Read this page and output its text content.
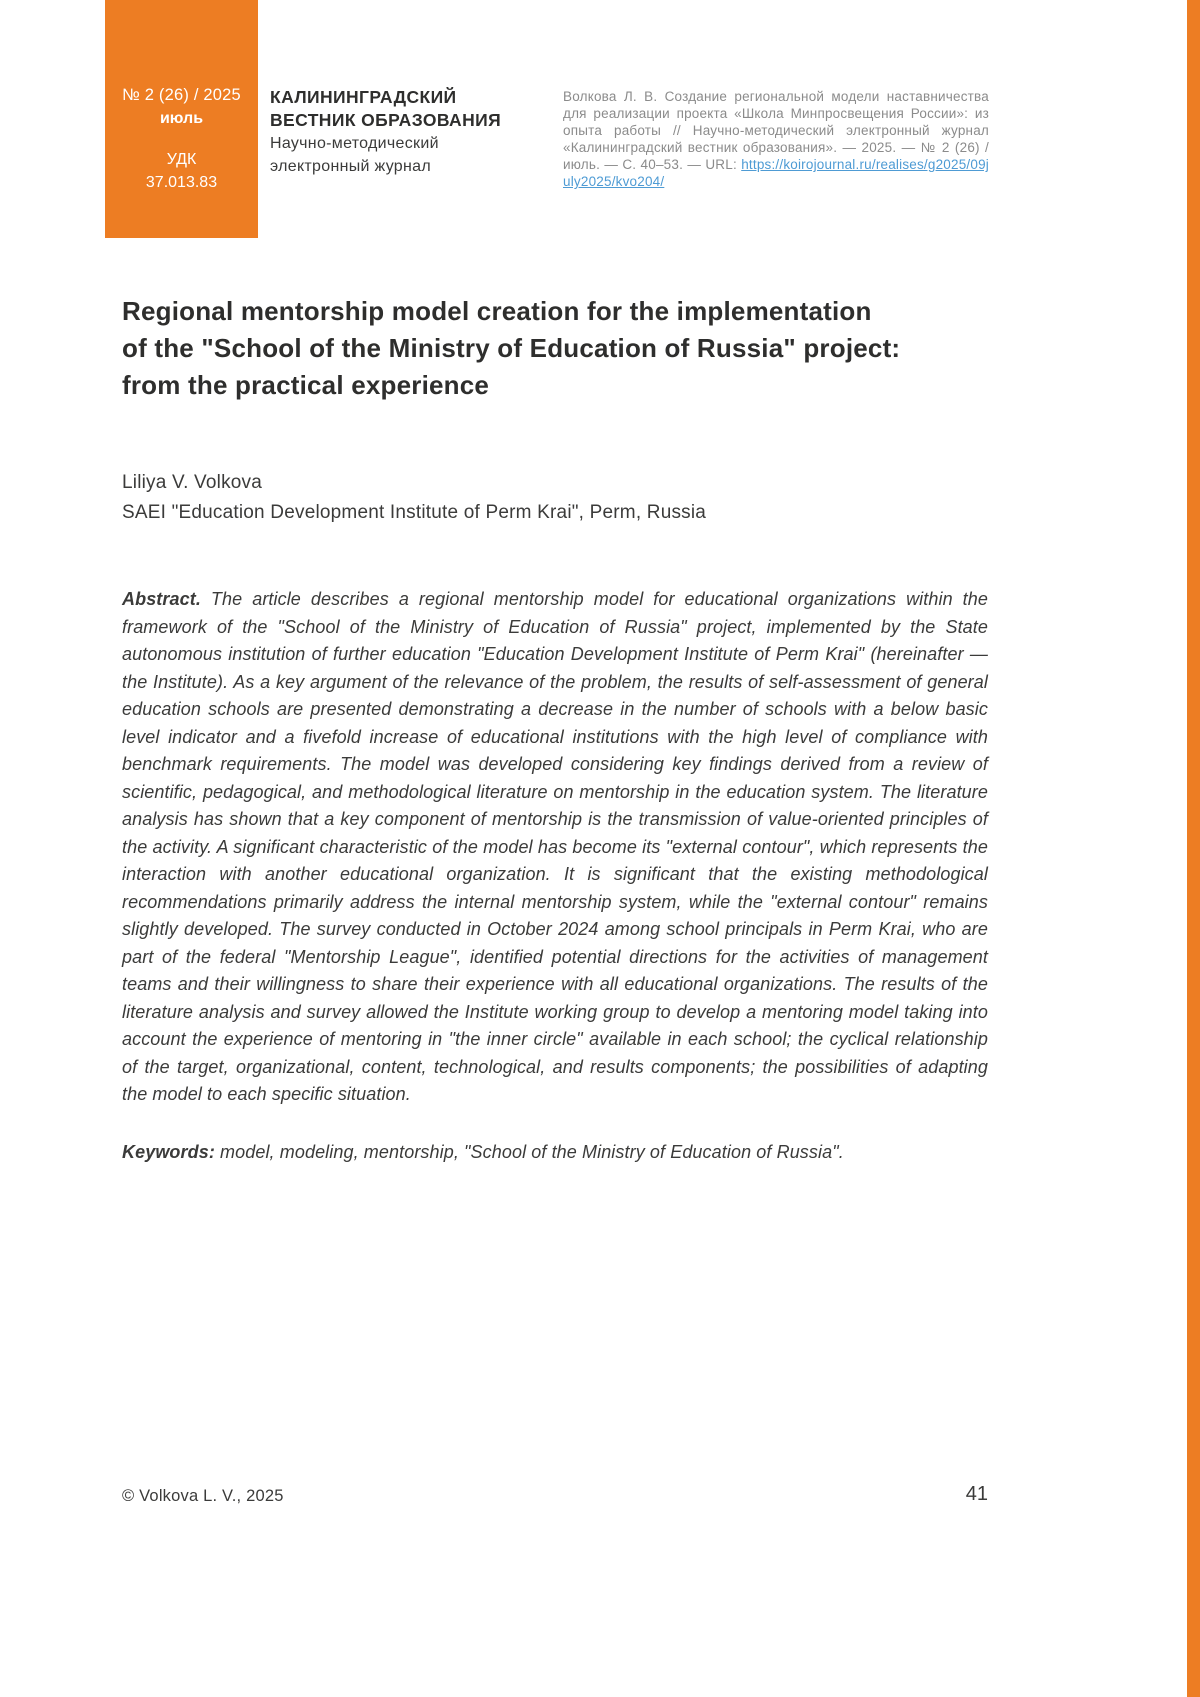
№ 2 (26) / 2025
июль
УДК
37.013.83
КАЛИНИНГРАДСКИЙ
ВЕСТНИК ОБРАЗОВАНИЯ
Научно-методический
электронный журнал
Волкова Л. В. Создание региональной модели наставничества для реализации проекта «Школа Минпросвещения России»: из опыта работы // Научно-методический электронный журнал «Калининградский вестник образования». — 2025. — № 2 (26) / июль. — С. 40–53. — URL: https://koirojournal.ru/realises/g2025/09july2025/kvo204/
Regional mentorship model creation for the implementation
of the "School of the Ministry of Education of Russia" project:
from the practical experience
Liliya V. Volkova
SAEI "Education Development Institute of Perm Krai", Perm, Russia
Abstract. The article describes a regional mentorship model for educational organizations within the framework of the "School of the Ministry of Education of Russia" project, implemented by the State autonomous institution of further education "Education Development Institute of Perm Krai" (hereinafter — the Institute). As a key argument of the relevance of the problem, the results of self-assessment of general education schools are presented demonstrating a decrease in the number of schools with a below basic level indicator and a fivefold increase of educational institutions with the high level of compliance with benchmark requirements. The model was developed considering key findings derived from a review of scientific, pedagogical, and methodological literature on mentorship in the education system. The literature analysis has shown that a key component of mentorship is the transmission of value-oriented principles of the activity. A significant characteristic of the model has become its "external contour", which represents the interaction with another educational organization. It is significant that the existing methodological recommendations primarily address the internal mentorship system, while the "external contour" remains slightly developed. The survey conducted in October 2024 among school principals in Perm Krai, who are part of the federal "Mentorship League", identified potential directions for the activities of management teams and their willingness to share their experience with all educational organizations. The results of the literature analysis and survey allowed the Institute working group to develop a mentoring model taking into account the experience of mentoring in "the inner circle" available in each school; the cyclical relationship of the target, organizational, content, technological, and results components; the possibilities of adapting the model to each specific situation.
Keywords: model, modeling, mentorship, "School of the Ministry of Education of Russia".
© Volkova L. V., 2025	41
